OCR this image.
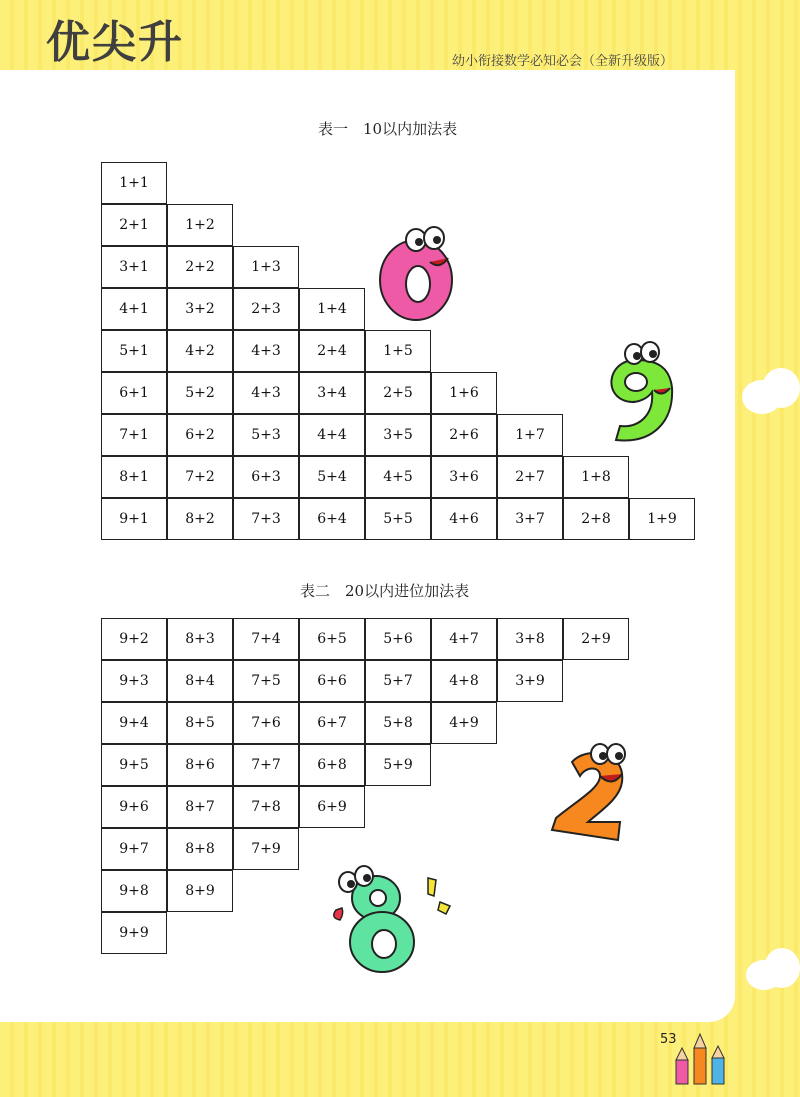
优尖升	幼小衔接数学必知必会（全新升级版）
表一　10以内加法表
1+1
2+1	1+2
3+1	2+2	1+3
4+1	3+2	2+3	1+4
5+1	4+2	4+3	2+4	1+5
6+1	5+2	4+3	3+4	2+5	1+6
7+1	6+2	5+3	4+4	3+5	2+6	1+7
8+1	7+2	6+3	5+4	4+5	3+6	2+7	1+8
9+1	8+2	7+3	6+4	5+5	4+6	3+7	2+8	1+9
表二　20以内进位加法表
9+2	8+3	7+4	6+5	5+6	4+7	3+8	2+9
9+3	8+4	7+5	6+6	5+7	4+8	3+9
9+4	8+5	7+6	6+7	5+8	4+9
9+5	8+6	7+7	6+8	5+9
9+6	8+7	7+8	6+9
9+7	8+8	7+9
9+8	8+9
9+9
53
